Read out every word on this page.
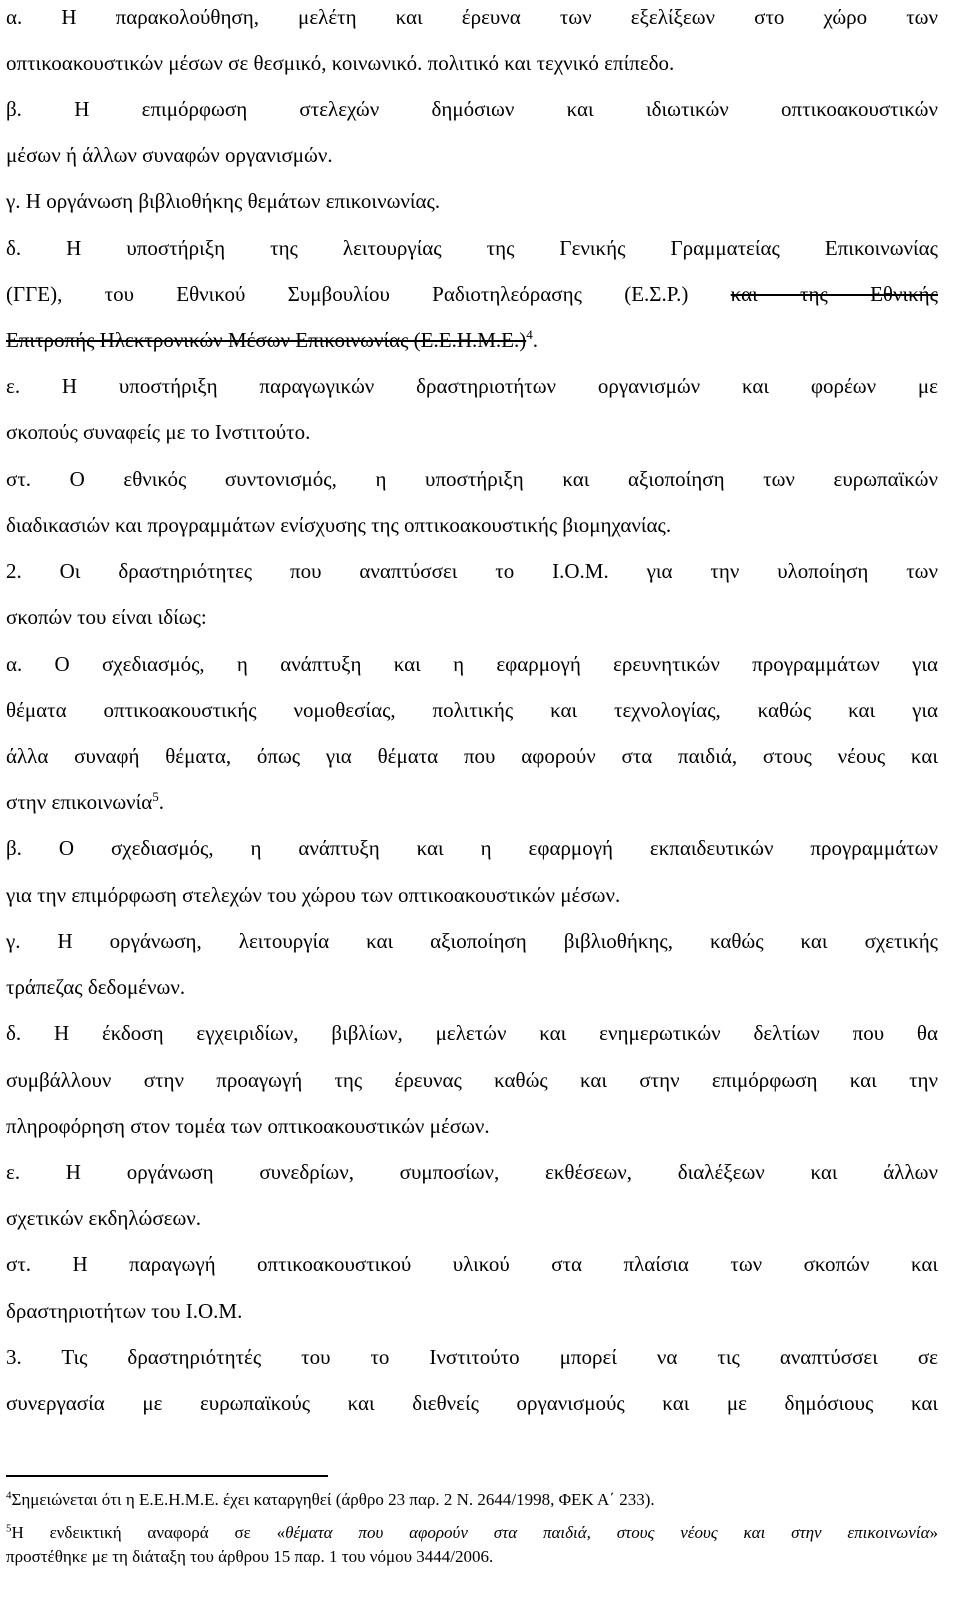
α. Η παρακολούθηση, μελέτη και έρευνα των εξελίξεων στο χώρο των
οπτικοακουστικών μέσων σε θεσμικό, κοινωνικό. πολιτικό και τεχνικό επίπεδο.
β. Η επιμόρφωση στελεχών δημόσιων και ιδιωτικών οπτικοακουστικών
μέσων ή άλλων συναφών οργανισμών.
γ. Η οργάνωση βιβλιοθήκης θεμάτων επικοινωνίας.
δ. Η υποστήριξη της λειτουργίας της Γενικής Γραμματείας Επικοινωνίας
(ΓΓΕ), του Εθνικού Συμβουλίου Ραδιοτηλεόρασης (Ε.Σ.Ρ.) και της Εθνικής
Επιτροπής Ηλεκτρονικών Μέσων Επικοινωνίας $(E.E.H.M.E.)^4$.
ε. Η υποστήριξη παραγωγικών δραστηριοτήτων οργανισμών και φορέων με
σκοπούς συναφείς με το Ινστιτούτο.
στ. Ο εθνικός συντονισμός, η υποστήριξη και αξιοποίηση των ευρωπαϊκών
διαδικασιών και προγραμμάτων ενίσχυσης της οπτικοακουστικής βιομηχανίας.
2. Οι δραστηριότητες που αναπτύσσει το Ι.Ο.Μ. για την υλοποίηση των
σκοπών του είναι ιδίως:
α. Ο σχεδιασμός, η ανάπτυξη και η εφαρμογή ερευνητικών προγραμμάτων για
θέματα οπτικοακουστικής νομοθεσίας, πολιτικής και τεχνολογίας, καθώς και για
άλλα συναφή θέματα, όπως για θέματα που αφορούν στα παιδιά, στους νέους και
στην επικοινωνία$^5$.
β. Ο σχεδιασμός, η ανάπτυξη και η εφαρμογή εκπαιδευτικών προγραμμάτων
για την επιμόρφωση στελεχών του χώρου των οπτικοακουστικών μέσων.
γ. Η οργάνωση, λειτουργία και αξιοποίηση βιβλιοθήκης, καθώς και σχετικής
τράπεζας δεδομένων.
δ. Η έκδοση εγχειριδίων, βιβλίων, μελετών και ενημερωτικών δελτίων που θα
συμβάλλουν στην προαγωγή της έρευνας καθώς και στην επιμόρφωση και την
πληροφόρηση στον τομέα των οπτικοακουστικών μέσων.
ε. Η οργάνωση συνεδρίων, συμποσίων, εκθέσεων, διαλέξεων και άλλων
σχετικών εκδηλώσεων.
στ. Η παραγωγή οπτικοακουστικού υλικού στα πλαίσια των σκοπών και
δραστηριοτήτων του Ι.Ο.Μ.
3. Τις δραστηριότητές του το Ινστιτούτο μπορεί να τις αναπτύσσει σε
συνεργασία με ευρωπαϊκούς και διεθνείς οργανισμούς και με δημόσιους και
$^4$Σημειώνεται ότι η Ε.Ε.Η.Μ.Ε. έχει καταργηθεί (άρθρο 23 παρ. 2 Ν. 2644/1998, ΦΕΚ Α΄ 233).
$^5$Η ενδεικτική αναφορά σε «θέματα που αφορούν στα παιδιά, στους νέους και στην επικοινωνία»
προστέθηκε με τη διάταξη του άρθρου 15 παρ. 1 του νόμου 3444/2006.
